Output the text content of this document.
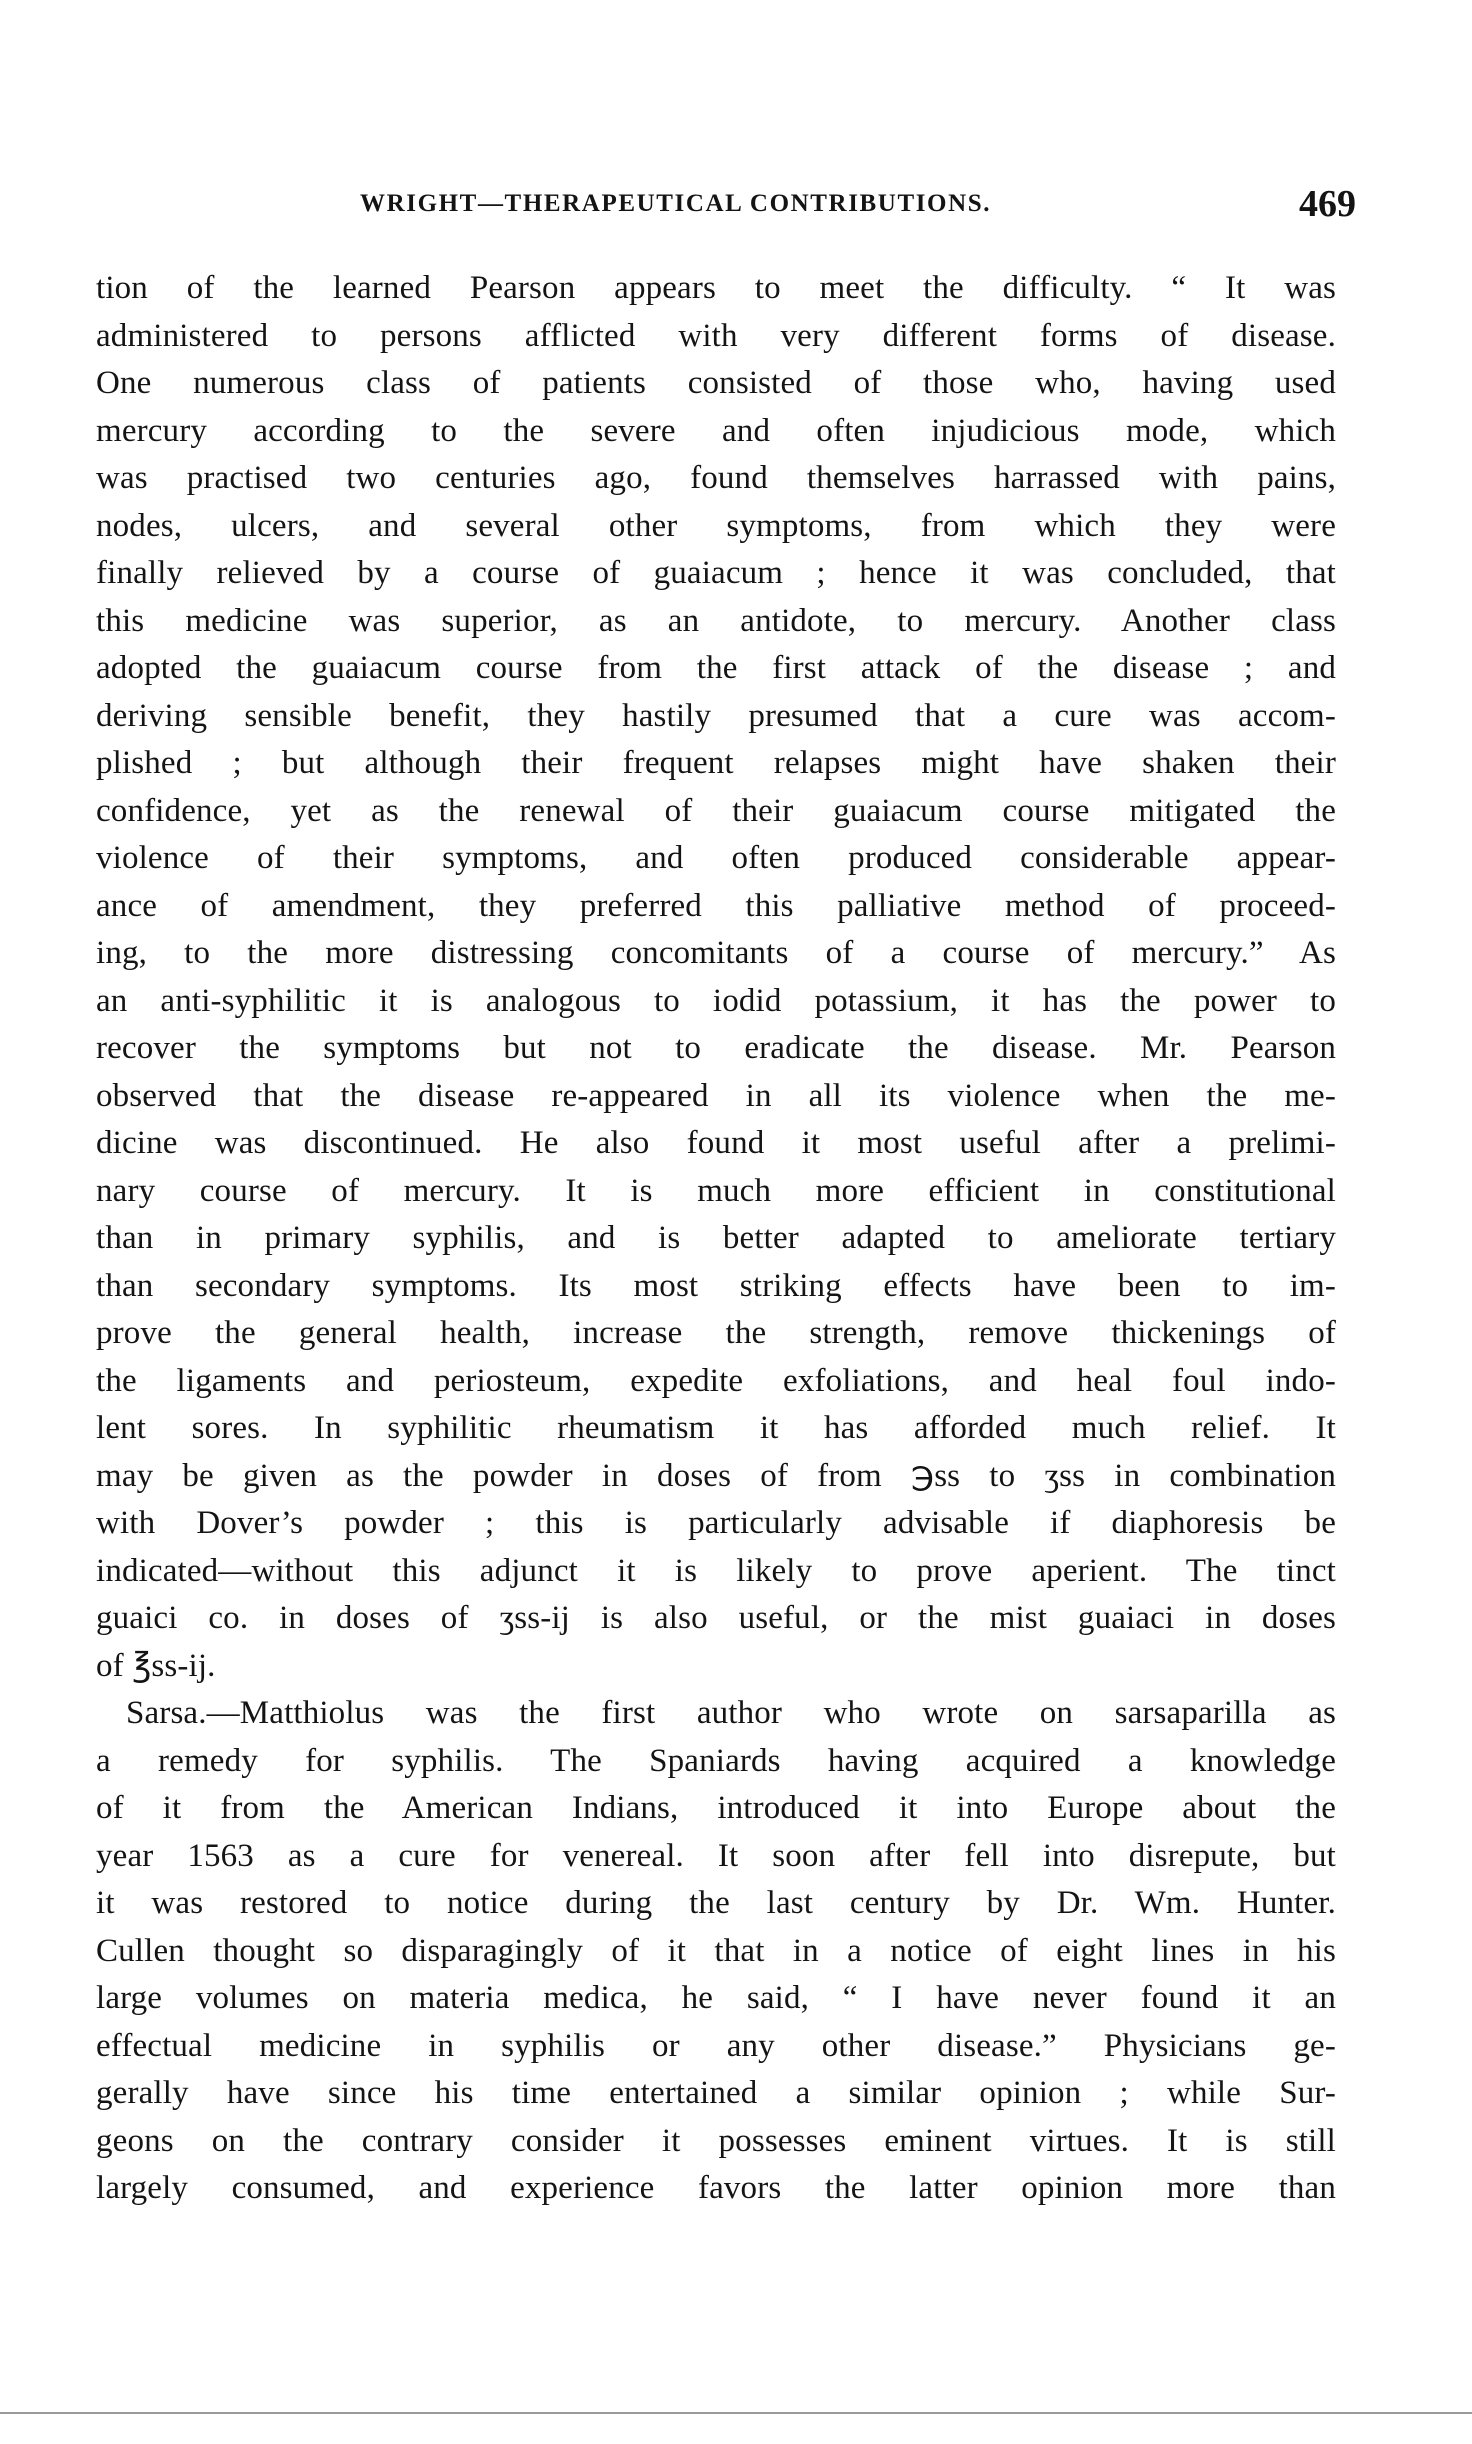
WRIGHT—THERAPEUTICAL CONTRIBUTIONS.	469
tion of the learned Pearson appears to meet the difficulty. “ It was
administered to persons afflicted with very different forms of disease.
One numerous class of patients consisted of those who, having used
mercury according to the severe and often injudicious mode, which
was practised two centuries ago, found themselves harrassed with pains,
nodes, ulcers, and several other symptoms, from which they were
finally relieved by a course of guaiacum ; hence it was concluded, that
this medicine was superior, as an antidote, to mercury. Another class
adopted the guaiacum course from the first attack of the disease ; and
deriving sensible benefit, they hastily presumed that a cure was accom-
plished ; but although their frequent relapses might have shaken their
confidence, yet as the renewal of their guaiacum course mitigated the
violence of their symptoms, and often produced considerable appear-
ance of amendment, they preferred this palliative method of proceed-
ing, to the more distressing concomitants of a course of mercury.” As
an anti-syphilitic it is analogous to iodid potassium, it has the power to
recover the symptoms but not to eradicate the disease. Mr. Pearson
observed that the disease re-appeared in all its violence when the me-
dicine was discontinued. He also found it most useful after a prelimi-
nary course of mercury. It is much more efficient in constitutional
than in primary syphilis, and is better adapted to ameliorate tertiary
than secondary symptoms. Its most striking effects have been to im-
prove the general health, increase the strength, remove thickenings of
the ligaments and periosteum, expedite exfoliations, and heal foul indo-
lent sores. In syphilitic rheumatism it has afforded much relief. It
may be given as the powder in doses of from ℈ss to ʒss in combination
with Dover’s powder ; this is particularly advisable if diaphoresis be
indicated—without this adjunct it is likely to prove aperient. The tinct
guaici co. in doses of ʒss-ij is also useful, or the mist guaiaci in doses
of ℥ss-ij.
Sarsa.—Matthiolus was the first author who wrote on sarsaparilla as
a remedy for syphilis. The Spaniards having acquired a knowledge
of it from the American Indians, introduced it into Europe about the
year 1563 as a cure for venereal. It soon after fell into disrepute, but
it was restored to notice during the last century by Dr. Wm. Hunter.
Cullen thought so disparagingly of it that in a notice of eight lines in his
large volumes on materia medica, he said, “ I have never found it an
effectual medicine in syphilis or any other disease.” Physicians ge-
gerally have since his time entertained a similar opinion ; while Sur-
geons on the contrary consider it possesses eminent virtues. It is still
largely consumed, and experience favors the latter opinion more than
